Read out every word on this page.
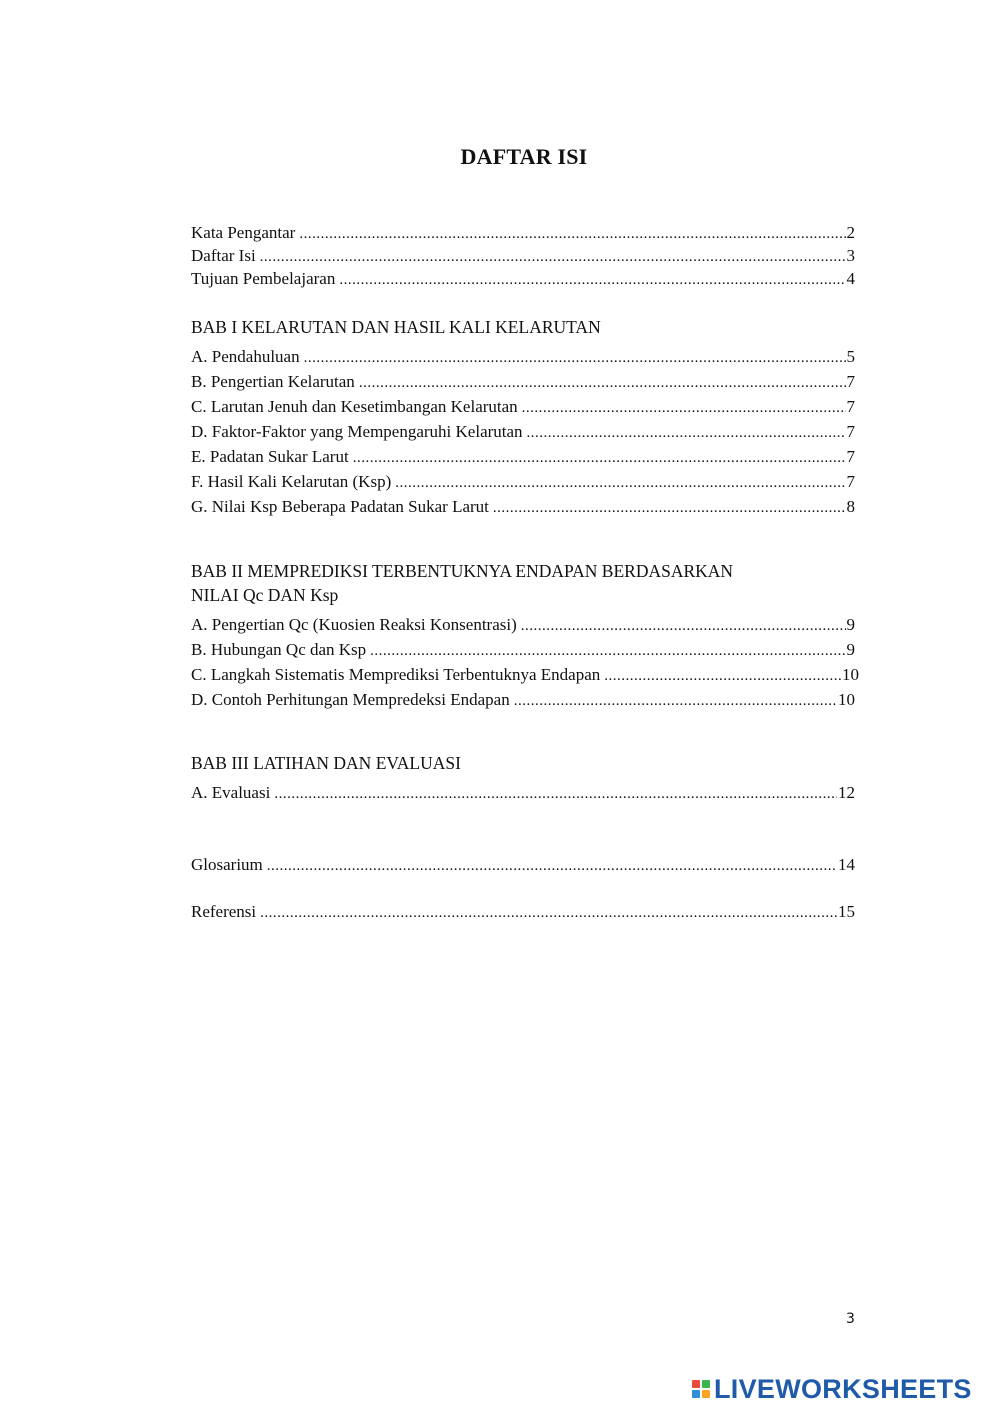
DAFTAR ISI
Kata Pengantar .....	2
Daftar Isi .....	3
Tujuan Pembelajaran .....	4
BAB I KELARUTAN DAN HASIL KALI KELARUTAN
A. Pendahuluan .....	5
B. Pengertian Kelarutan .....	7
C. Larutan Jenuh dan Kesetimbangan Kelarutan .....	7
D. Faktor-Faktor yang Mempengaruhi Kelarutan .....	7
E. Padatan Sukar Larut .....	7
F. Hasil Kali Kelarutan (Ksp) .....	7
G. Nilai Ksp Beberapa Padatan Sukar Larut .....	8
BAB II MEMPREDIKSI TERBENTUKNYA ENDAPAN BERDASARKAN
NILAI Qc DAN Ksp
A. Pengertian Qc (Kuosien Reaksi Konsentrasi) .....	9
B. Hubungan Qc dan Ksp .....	9
C. Langkah Sistematis Memprediksi Terbentuknya Endapan .....	10
D. Contoh Perhitungan Mempredeksi Endapan .....	10
BAB III LATIHAN DAN EVALUASI
A. Evaluasi .....	12
Glosarium .....	14
Referensi .....	15
3
LIVEWORKSHEETS
